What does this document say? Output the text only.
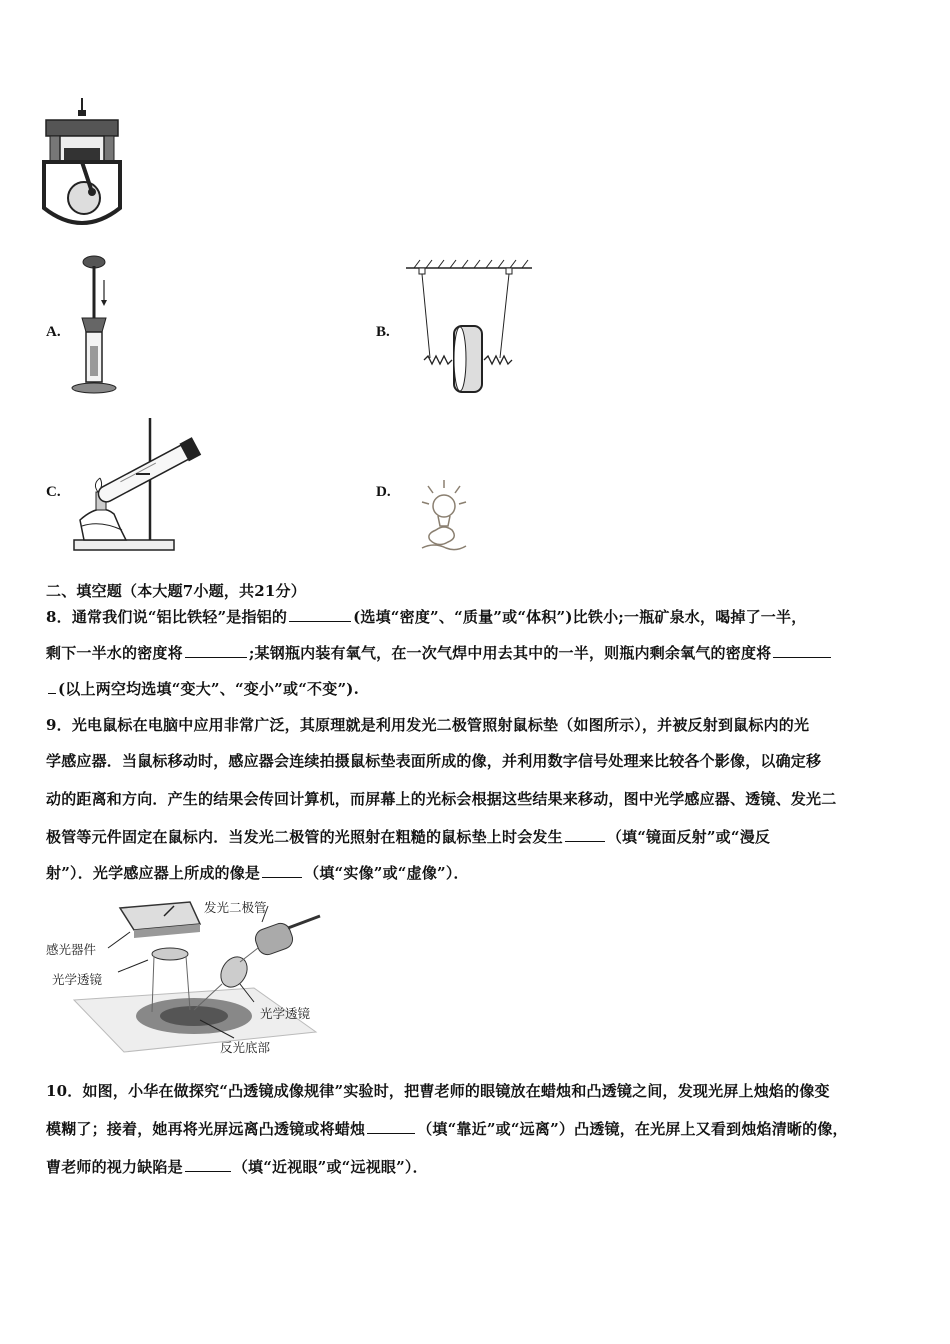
A.	B.
C.	D.
二、填空题（本大题7小题，共21分）
8．通常我们说“铝比铁轻”是指铝的	(选填“密度”、“质量”或“体积”)比铁小;一瓶矿泉水，喝掉了一半，
剩下一半水的密度将	;某钢瓶内装有氧气，在一次气焊中用去其中的一半，则瓶内剩余氧气的密度将
(以上两空均选填“变大”、“变小”或“不变”).
9．光电鼠标在电脑中应用非常广泛，其原理就是利用发光二极管照射鼠标垫（如图所示），并被反射到鼠标内的光
学感应器．当鼠标移动时，感应器会连续拍摄鼠标垫表面所成的像，并利用数字信号处理来比较各个影像，以确定移
动的距离和方向．产生的结果会传回计算机，而屏幕上的光标会根据这些结果来移动，图中光学感应器、透镜、发光二
极管等元件固定在鼠标内．当发光二极管的光照射在粗糙的鼠标垫上时会发生	（填“镜面反射”或“漫反
射”）．光学感应器上所成的像是	（填“实像”或“虚像”）．
发光二极管
感光器件
光学透镜
光学透镜
反光底部
10．如图，小华在做探究“凸透镜成像规律”实验时，把曹老师的眼镜放在蜡烛和凸透镜之间，发现光屏上烛焰的像变
模糊了；接着，她再将光屏远离凸透镜或将蜡烛	（填“靠近”或“远离”）凸透镜，在光屏上又看到烛焰清晰的像，
曹老师的视力缺陷是	（填“近视眼”或“远视眼”）．
